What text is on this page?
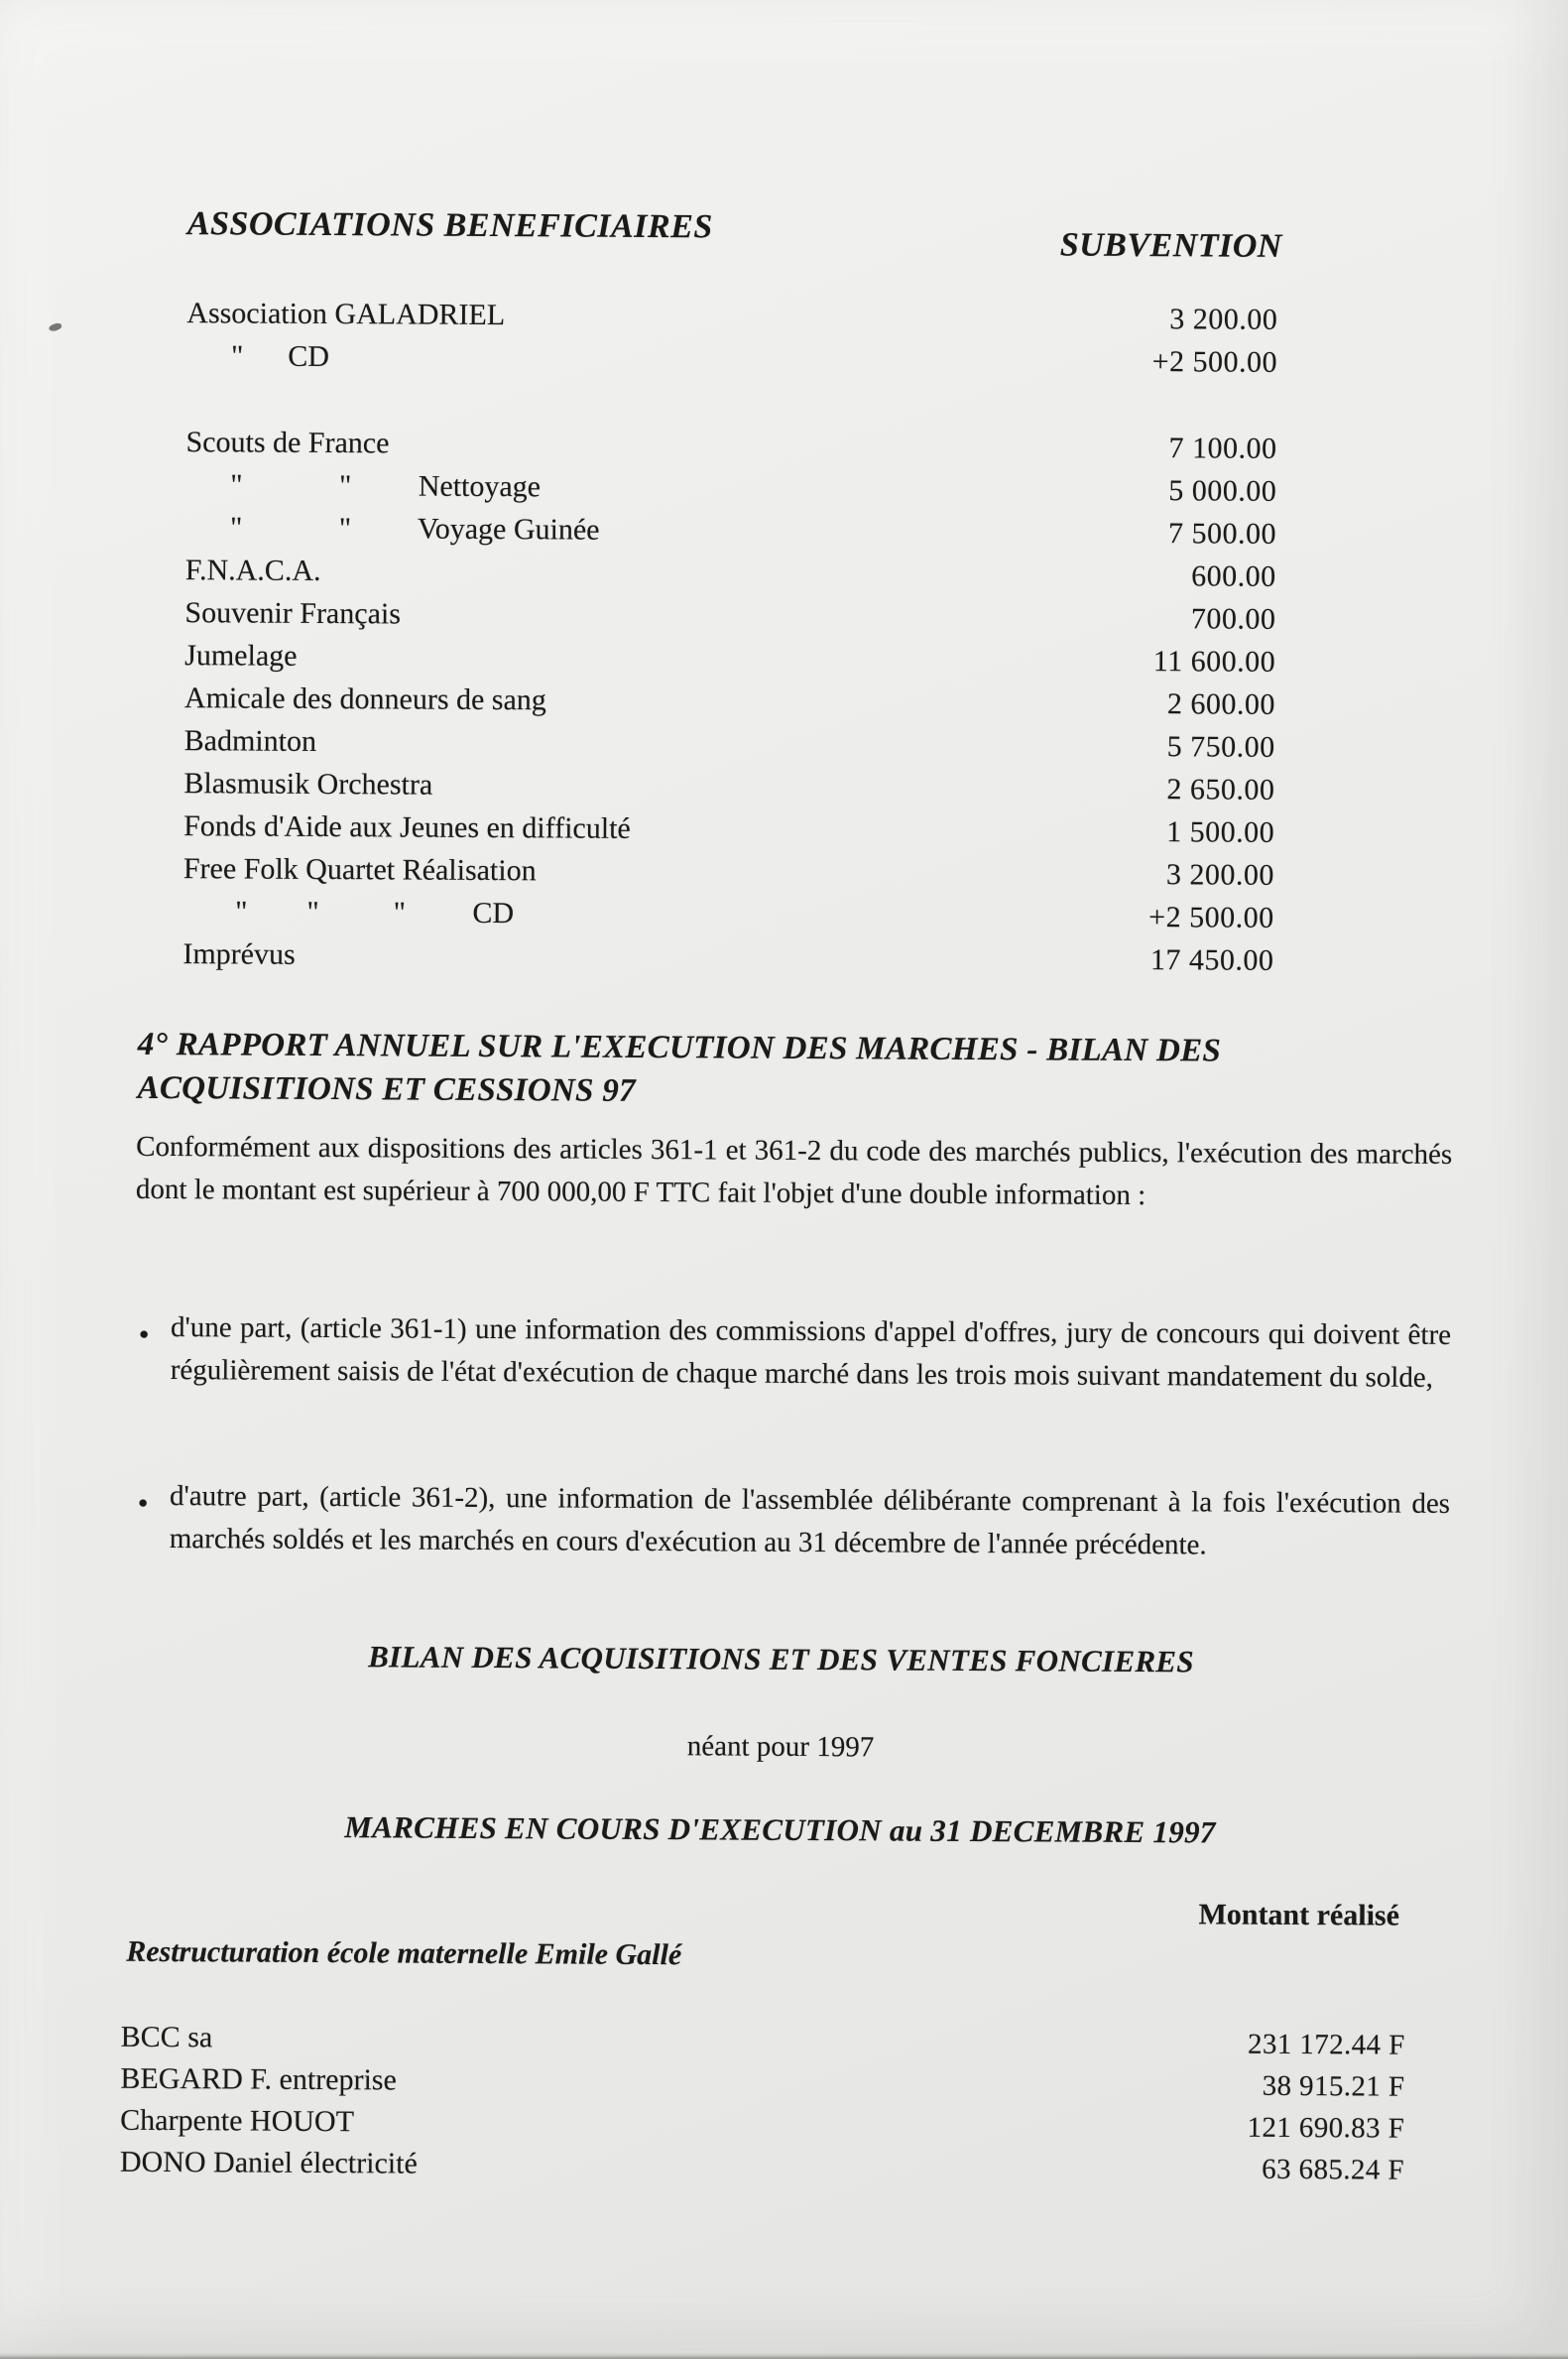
ASSOCIATIONS BENEFICIAIRES
SUBVENTION
Association GALADRIEL	3 200.00
"      CD	+2 500.00
Scouts de France	7 100.00
"             "         Nettoyage	5 000.00
"             "         Voyage Guinée	7 500.00
F.N.A.C.A.	600.00
Souvenir Français	700.00
Jumelage	11 600.00
Amicale des donneurs de sang	2 600.00
Badminton	5 750.00
Blasmusik Orchestra	2 650.00
Fonds d'Aide aux Jeunes en difficulté	1 500.00
Free Folk Quartet Réalisation	3 200.00
"        "          "         CD	+2 500.00
Imprévus	17 450.00
4° RAPPORT ANNUEL SUR L'EXECUTION DES MARCHES - BILAN DES
ACQUISITIONS ET CESSIONS 97
Conformément aux dispositions des articles 361-1 et 361-2 du code des marchés publics, l'exécution des marchés dont le montant est supérieur à 700 000,00 F TTC fait l'objet d'une double information :
● d'une part, (article 361-1) une information des commissions d'appel d'offres, jury de concours qui doivent être régulièrement saisis de l'état d'exécution de chaque marché dans les trois mois suivant mandatement du solde,
● d'autre part, (article 361-2), une information de l'assemblée délibérante comprenant à la fois l'exécution des marchés soldés et les marchés en cours d'exécution au 31 décembre de l'année précédente.
BILAN DES ACQUISITIONS ET DES VENTES FONCIERES
néant pour 1997
MARCHES EN COURS D'EXECUTION au 31 DECEMBRE 1997
Montant réalisé
Restructuration école maternelle Emile Gallé
BCC sa	231 172.44 F
BEGARD F. entreprise	38 915.21 F
Charpente HOUOT	121 690.83 F
DONO Daniel électricité	63 685.24 F
